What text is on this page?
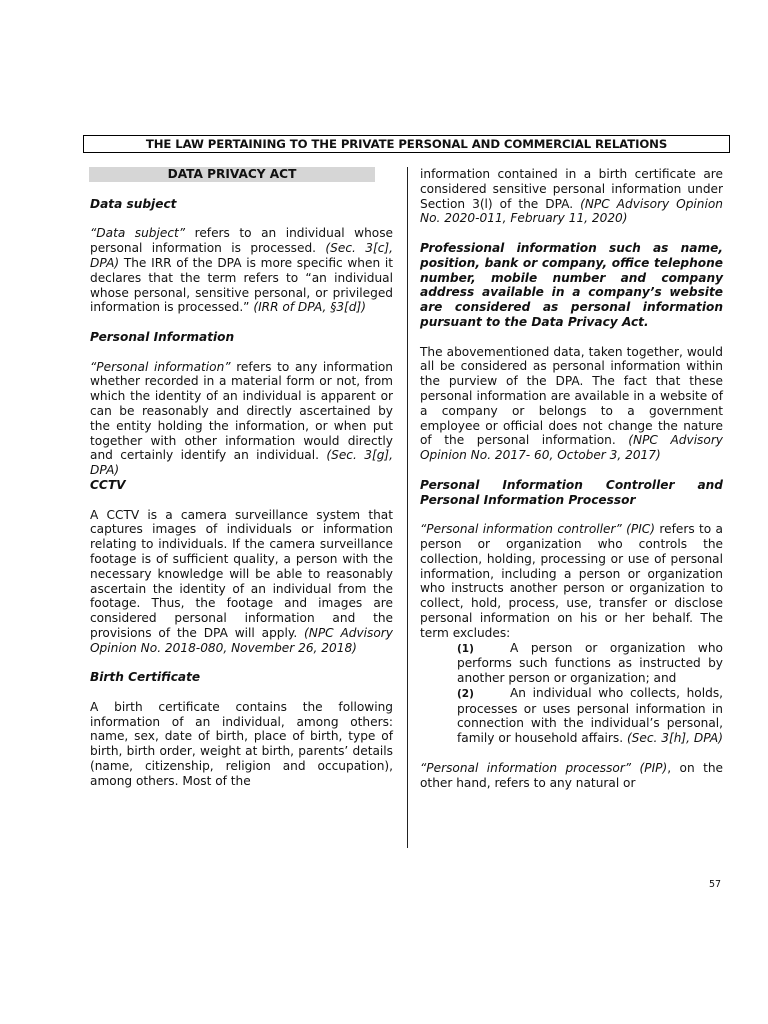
THE LAW PERTAINING TO THE PRIVATE PERSONAL AND COMMERCIAL RELATIONS
DATA PRIVACY ACT
Data subject

“Data subject” refers to an individual whose personal information is processed. (Sec. 3[c], DPA) The IRR of the DPA is more specific when it declares that the term refers to “an individual whose personal, sensitive personal, or privileged information is processed.” (IRR of DPA, §3[d])

Personal Information

“Personal information” refers to any information whether recorded in a material form or not, from which the identity of an individual is apparent or can be reasonably and directly ascertained by the entity holding the information, or when put together with other information would directly and certainly identify an individual. (Sec. 3[g], DPA)

CCTV

A CCTV is a camera surveillance system that captures images of individuals or information relating to individuals. If the camera surveillance footage is of sufficient quality, a person with the necessary knowledge will be able to reasonably ascertain the identity of an individual from the footage. Thus, the footage and images are considered personal information and the provisions of the DPA will apply. (NPC Advisory Opinion No. 2018-080, November 26, 2018)

Birth Certificate

A birth certificate contains the following information of an individual, among others: name, sex, date of birth, place of birth, type of birth, birth order, weight at birth, parents’ details (name, citizenship, religion and occupation), among others. Most of the

information contained in a birth certificate are considered sensitive personal information under Section 3(l) of the DPA. (NPC Advisory Opinion No. 2020-011, February 11, 2020)

Professional information such as name, position, bank or company, office telephone number, mobile number and company address available in a company’s website are considered as personal information pursuant to the Data Privacy Act.

The abovementioned data, taken together, would all be considered as personal information within the purview of the DPA. The fact that these personal information are available in a website of a company or belongs to a government employee or official does not change the nature of the personal information. (NPC Advisory Opinion No. 2017- 60, October 3, 2017)

Personal Information Controller and Personal Information Processor

“Personal information controller” (PIC) refers to a person or organization who controls the collection, holding, processing or use of personal information, including a person or organization who instructs another person or organization to collect, hold, process, use, transfer or disclose personal information on his or her behalf. The term excludes:

(1)	A person or organization who performs such functions as instructed by another person or organization; and
(2)	An individual who collects, holds, processes or uses personal information in connection with the individual’s personal, family or household affairs. (Sec. 3[h], DPA)

“Personal information processor” (PIP), on the other hand, refers to any natural or

57
